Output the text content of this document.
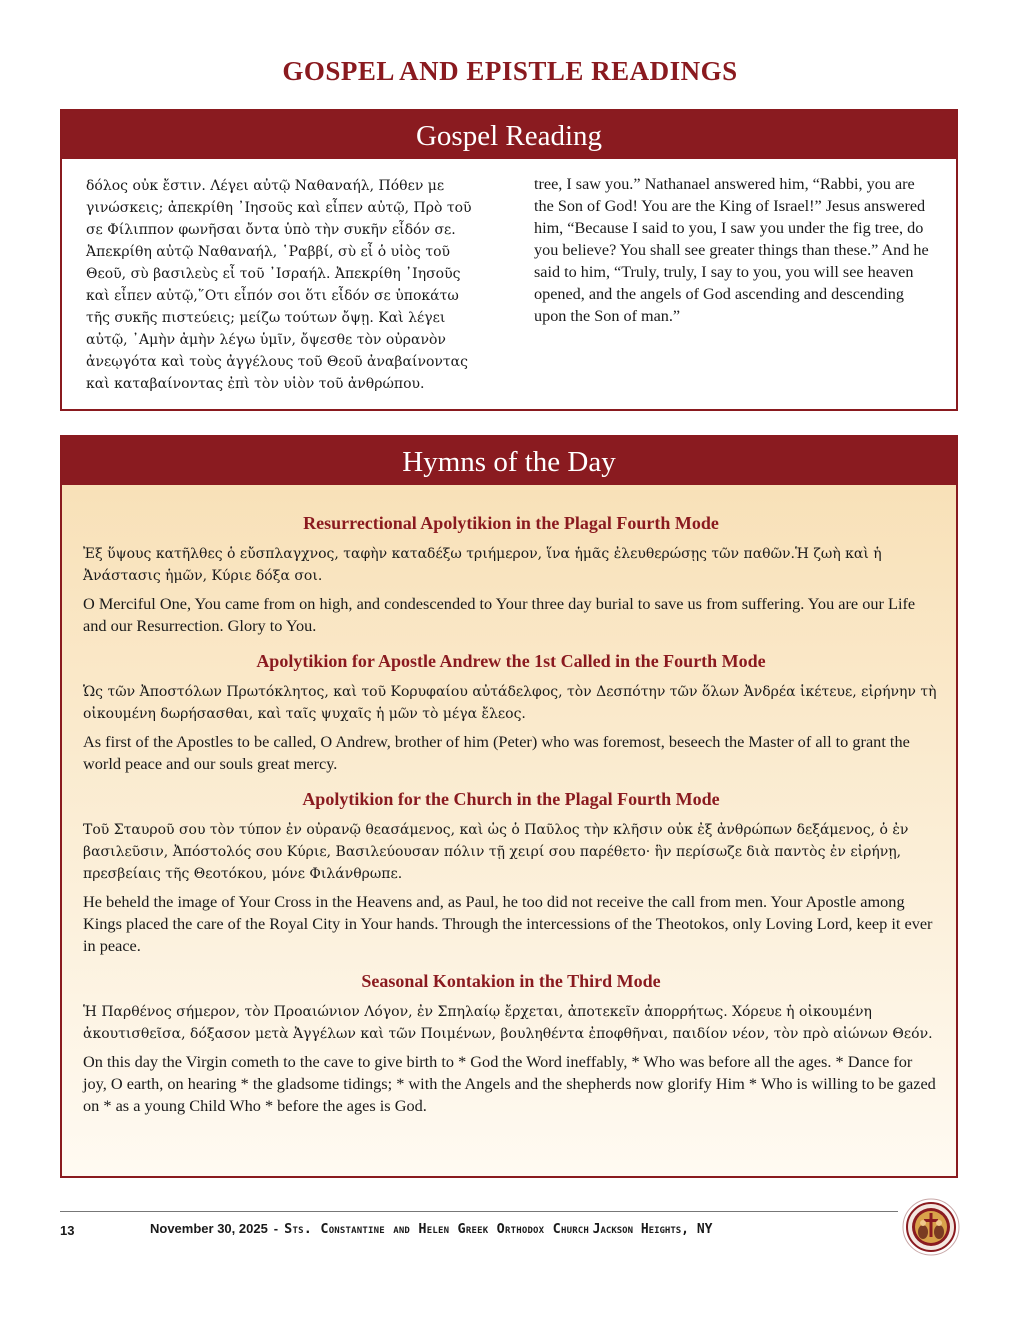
GOSPEL AND EPISTLE READINGS
Gospel Reading
δόλος οὐκ ἔστιν. Λέγει αὐτῷ Ναθαναήλ, Πόθεν με γινώσκεις; ἀπεκρίθη ᾿Ιησοῦς καὶ εἶπεν αὐτῷ, Πρὸ τοῦ σε Φίλιππον φωνῆσαι ὄντα ὑπὸ τὴν συκῆν εἶδόν σε. Ἀπεκρίθη αὐτῷ Ναθαναήλ, ῾Ραββί, σὺ εἶ ὁ υἱὸς τοῦ Θεοῦ, σὺ βασιλεὺς εἶ τοῦ ᾿Ισραήλ. Ἀπεκρίθη ᾿Ιησοῦς καὶ εἶπεν αὐτῷ,῞Οτι εἶπόν σοι ὅτι εἶδόν σε ὑποκάτω τῆς συκῆς πιστεύεις; μείζω τούτων ὄψῃ. Καὶ λέγει αὐτῷ, ᾿Αμὴν ἀμὴν λέγω ὑμῖν, ὄψεσθε τὸν οὐρανὸν ἀνεῳγότα καὶ τοὺς ἀγγέλους τοῦ Θεοῦ ἀναβαίνοντας καὶ καταβαίνοντας ἐπὶ τὸν υἱὸν τοῦ ἀνθρώπου.
tree, I saw you.” Nathanael answered him, “Rabbi, you are the Son of God! You are the King of Israel!” Jesus answered him, “Because I said to you, I saw you under the fig tree, do you believe? You shall see greater things than these.” And he said to him, “Truly, truly, I say to you, you will see heaven opened, and the angels of God ascending and descending upon the Son of man.”
Hymns of the Day

Resurrectional Apolytikion in the Plagal Fourth Mode

Ἐξ ὕψους κατῆλθες ὁ εὔσπλαγχνος, ταφὴν καταδέξω τριήμερον, ἵνα ἡμᾶς ἐλευθερώσῃς τῶν παθῶν.Ἡ ζωὴ καὶ ἡ Ἀνάστασις ἡμῶν, Κύριε δόξα σοι.

O Merciful One, You came from on high, and condescended to Your three day burial to save us from suffering. You are our Life and our Resurrection. Glory to You.

Apolytikion for Apostle Andrew the 1st Called in the Fourth Mode

Ὡς τῶν Ἀποστόλων Πρωτόκλητος, καὶ τοῦ Κορυφαίου αὐτάδελφος, τὸν Δεσπότην τῶν ὅλων Ἀνδρέα ἱκέτευε, εἰρήνην τὴ οἰκουμένη δωρήσασθαι, καὶ ταῖς ψυχαῖς ἡ μῶν τὸ μέγα ἔλεος.

As first of the Apostles to be called, O Andrew, brother of him (Peter) who was foremost, beseech the Master of all to grant the world peace and our souls great mercy.

Apolytikion for the Church in the Plagal Fourth Mode

Τοῦ Σταυροῦ σου τὸν τύπον ἐν οὐρανῷ θεασάμενος, καὶ ὡς ὁ Παῦλος τὴν κλῆσιν οὐκ ἐξ ἀνθρώπων δεξάμενος, ὁ ἐν βασιλεῦσιν, Ἀπόστολός σου Κύριε, Βασιλεύουσαν πόλιν τῇ χειρί σου παρέθετο· ἣν περίσωζε διὰ παντὸς ἐν εἰρήνῃ, πρεσβείαις τῆς Θεοτόκου, μόνε Φιλάνθρωπε.

He beheld the image of Your Cross in the Heavens and, as Paul, he too did not receive the call from men. Your Apostle among Kings placed the care of the Royal City in Your hands. Through the intercessions of the Theotokos, only Loving Lord, keep it ever in peace.

Seasonal Kontakion in the Third Mode

Ἡ Παρθένος σήμερον, τὸν Προαιώνιον Λόγον, ἐν Σπηλαίῳ ἔρχεται, ἀποτεκεῖν ἀπορρήτως. Χόρευε ἡ οἰκουμένη ἀκουτισθεῖσα, δόξασον μετὰ Ἀγγέλων καὶ τῶν Ποιμένων, βουληθέντα ἐποφθῆναι, παιδίον νέον, τὸν πρὸ αἰώνων Θεόν.

On this day the Virgin cometh to the cave to give birth to * God the Word ineffably, * Who was before all the ages. * Dance for joy, O earth, on hearing * the gladsome tidings; * with the Angels and the shepherds now glorify Him * Who is willing to be gazed on * as a young Child Who * before the ages is God.

13	November 30, 2025 - Sts. Constantine and Helen Greek Orthodox Church Jackson Heights, NY
